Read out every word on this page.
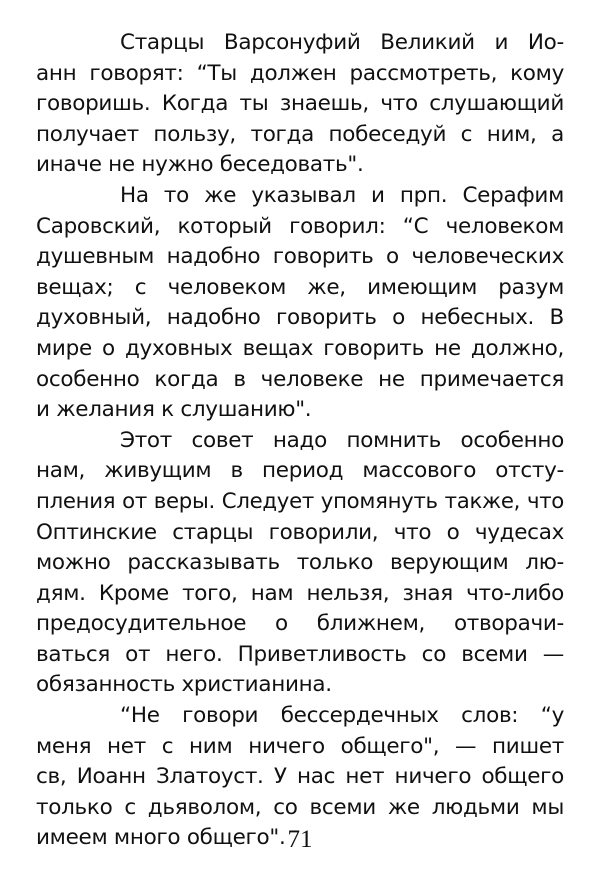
Старцы Варсонуфий Великий и Ио-
анн говорят: “Ты должен рассмотреть, кому
говоришь. Когда ты знаешь, что слушающий
получает пользу, тогда побеседуй с ним, а
иначе не нужно беседовать".
На то же указывал и прп. Серафим
Саровский, который говорил: “С человеком
душевным надобно говорить о человеческих
вещах; с человеком же, имеющим разум
духовный, надобно говорить о небесных. В
мире о духовных вещах говорить не должно,
особенно когда в человеке не примечается
и желания к слушанию".
Этот совет надо помнить особенно
нам, живущим в период массового отсту-
пления от веры. Следует упомянуть также, что
Оптинские старцы говорили, что о чудесах
можно рассказывать только верующим лю-
дям. Кроме того, нам нельзя, зная что-либо
предосудительное о ближнем, отворачи-
ваться от него. Приветливость со всеми —
обязанность христианина.
“Не говори бессердечных слов: “у
меня нет с ним ничего общего", — пишет
св, Иоанн Златоуст. У нас нет ничего общего
только с дьяволом, со всеми же людьми мы
имеем много общего". 71
